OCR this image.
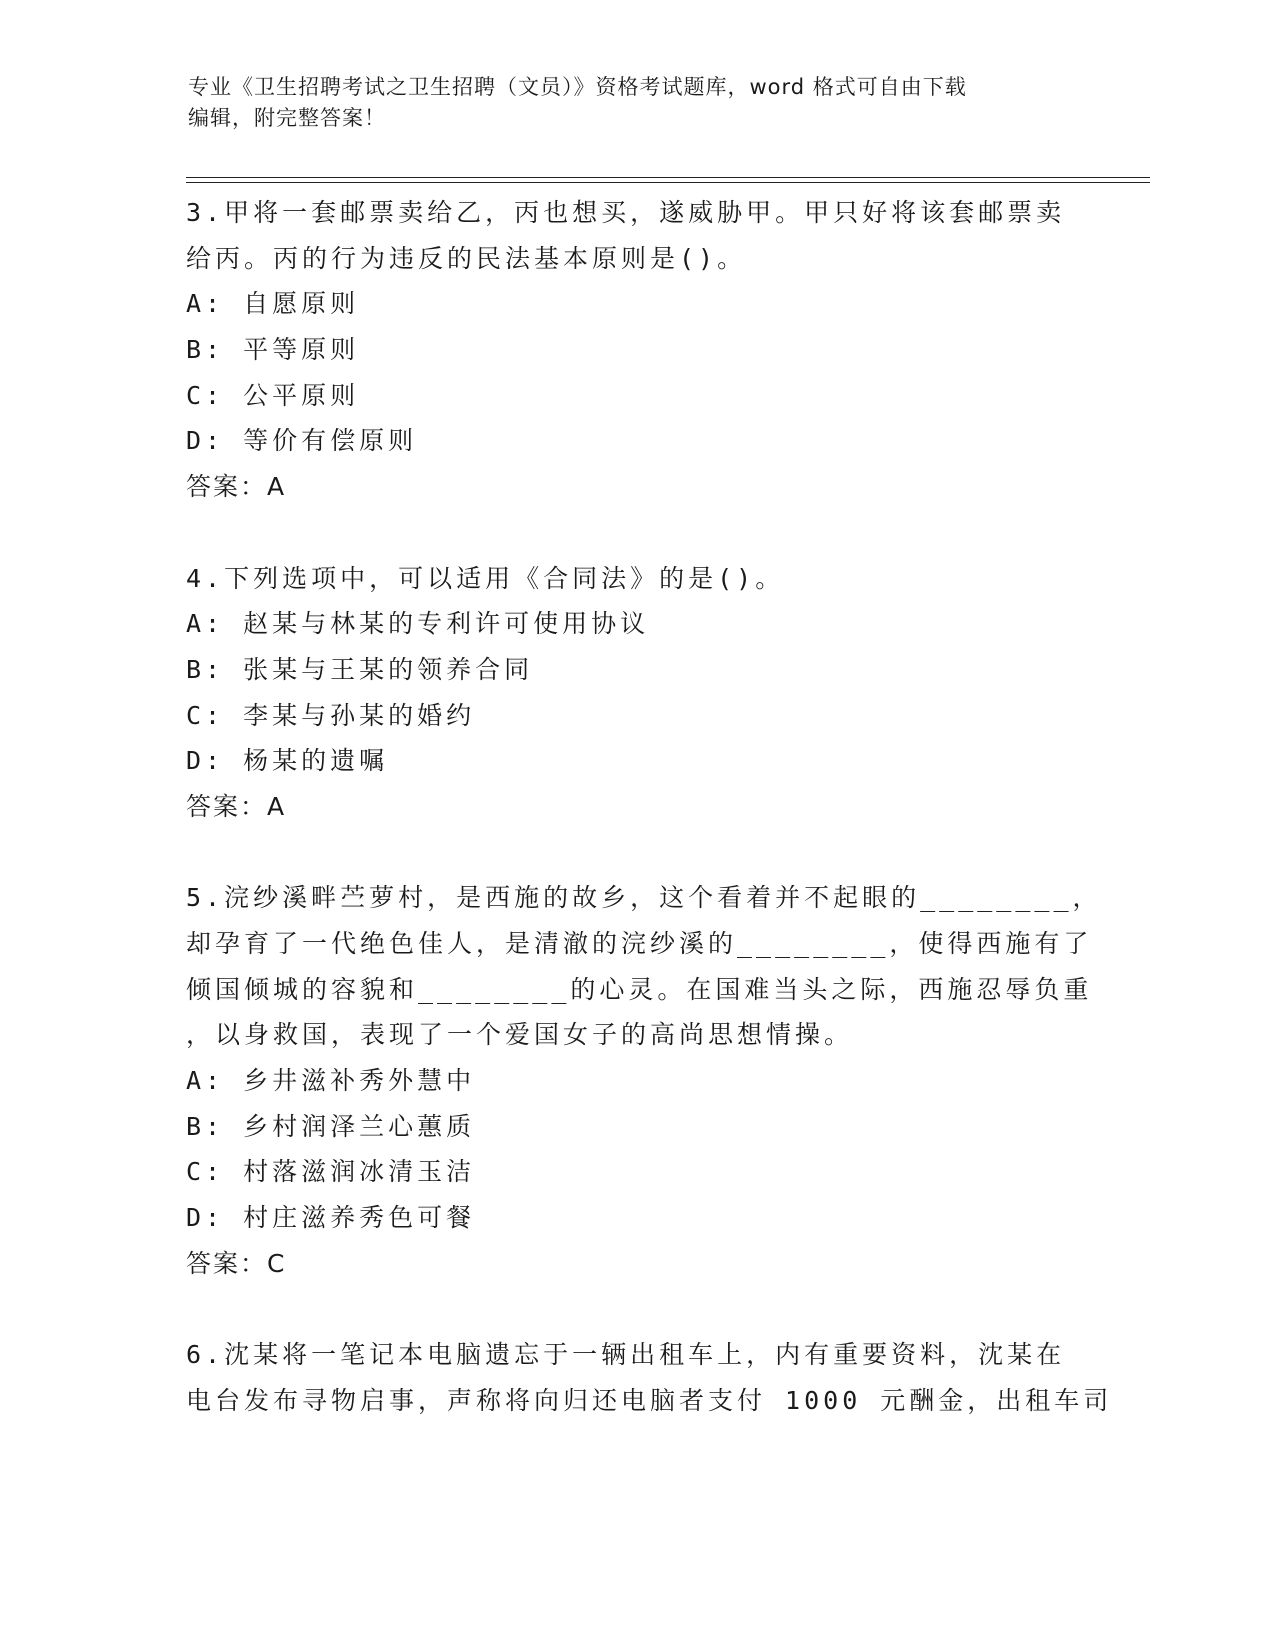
专业《卫生招聘考试之卫生招聘（文员）》资格考试题库，word 格式可自由下载
编辑，附完整答案！
3.甲将一套邮票卖给乙，丙也想买，遂威胁甲。甲只好将该套邮票卖
给丙。丙的行为违反的民法基本原则是()。
A: 自愿原则
B: 平等原则
C: 公平原则
D: 等价有偿原则
答案：A
4.下列选项中，可以适用《合同法》的是()。
A: 赵某与林某的专利许可使用协议
B: 张某与王某的领养合同
C: 李某与孙某的婚约
D: 杨某的遗嘱
答案：A
5.浣纱溪畔苎萝村，是西施的故乡，这个看着并不起眼的________，
却孕育了一代绝色佳人，是清澈的浣纱溪的________，使得西施有了
倾国倾城的容貌和________的心灵。在国难当头之际，西施忍辱负重
，以身救国，表现了一个爱国女子的高尚思想情操。
A: 乡井滋补秀外慧中
B: 乡村润泽兰心蕙质
C: 村落滋润冰清玉洁
D: 村庄滋养秀色可餐
答案：C
6.沈某将一笔记本电脑遗忘于一辆出租车上，内有重要资料，沈某在
电台发布寻物启事，声称将向归还电脑者支付 1000 元酬金，出租车司
